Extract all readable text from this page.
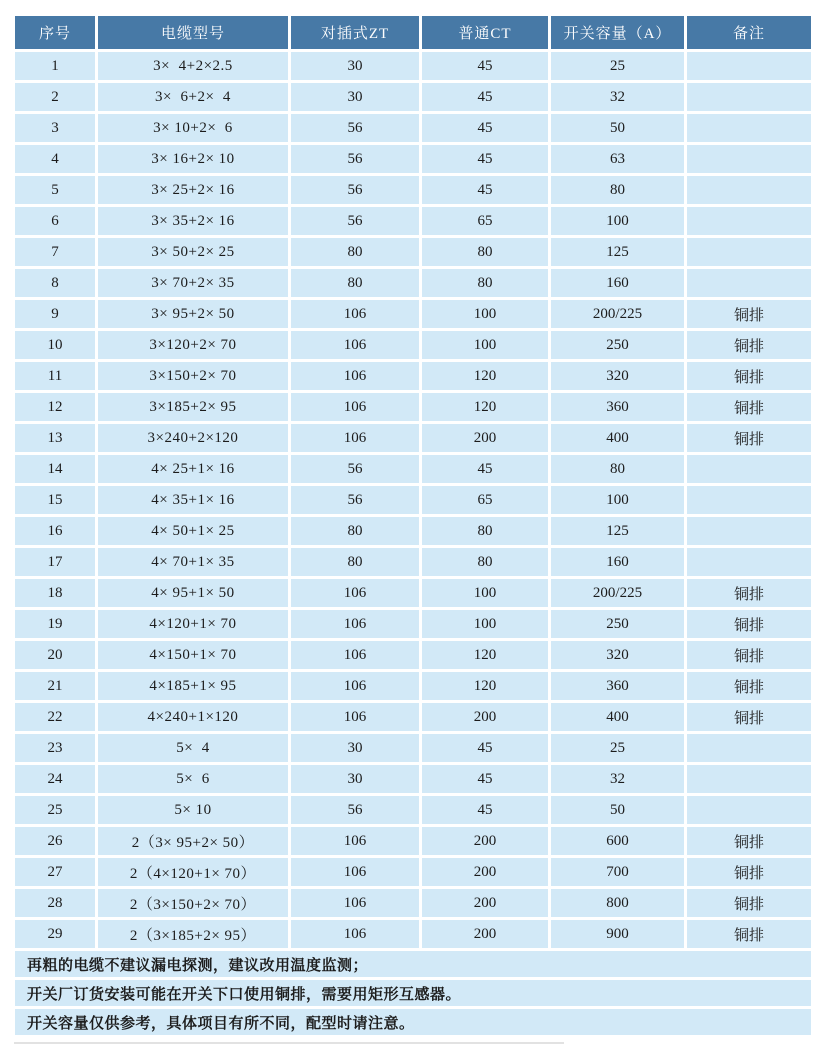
序号	电缆型号	对插式ZT	普通CT	开关容量（A）	备注
1	3×  4+2×2.5	30	45	25	
2	3×  6+2×  4	30	45	32	
3	3× 10+2×  6	56	45	50	
4	3× 16+2× 10	56	45	63	
5	3× 25+2× 16	56	45	80	
6	3× 35+2× 16	56	65	100	
7	3× 50+2× 25	80	80	125	
8	3× 70+2× 35	80	80	160	
9	3× 95+2× 50	106	100	200/225	铜排
10	3×120+2× 70	106	100	250	铜排
11	3×150+2× 70	106	120	320	铜排
12	3×185+2× 95	106	120	360	铜排
13	3×240+2×120	106	200	400	铜排
14	4× 25+1× 16	56	45	80	
15	4× 35+1× 16	56	65	100	
16	4× 50+1× 25	80	80	125	
17	4× 70+1× 35	80	80	160	
18	4× 95+1× 50	106	100	200/225	铜排
19	4×120+1× 70	106	100	250	铜排
20	4×150+1× 70	106	120	320	铜排
21	4×185+1× 95	106	120	360	铜排
22	4×240+1×120	106	200	400	铜排
23	5×  4	30	45	25	
24	5×  6	30	45	32	
25	5× 10	56	45	50	
26	2（3× 95+2× 50）	106	200	600	铜排
27	2（4×120+1× 70）	106	200	700	铜排
28	2（3×150+2× 70）	106	200	800	铜排
29	2（3×185+2× 95）	106	200	900	铜排
再粗的电缆不建议漏电探测，建议改用温度监测；					
开关厂订货安装可能在开关下口使用铜排，需要用矩形互感器。					
开关容量仅供参考，具体项目有所不同，配型时请注意。					
